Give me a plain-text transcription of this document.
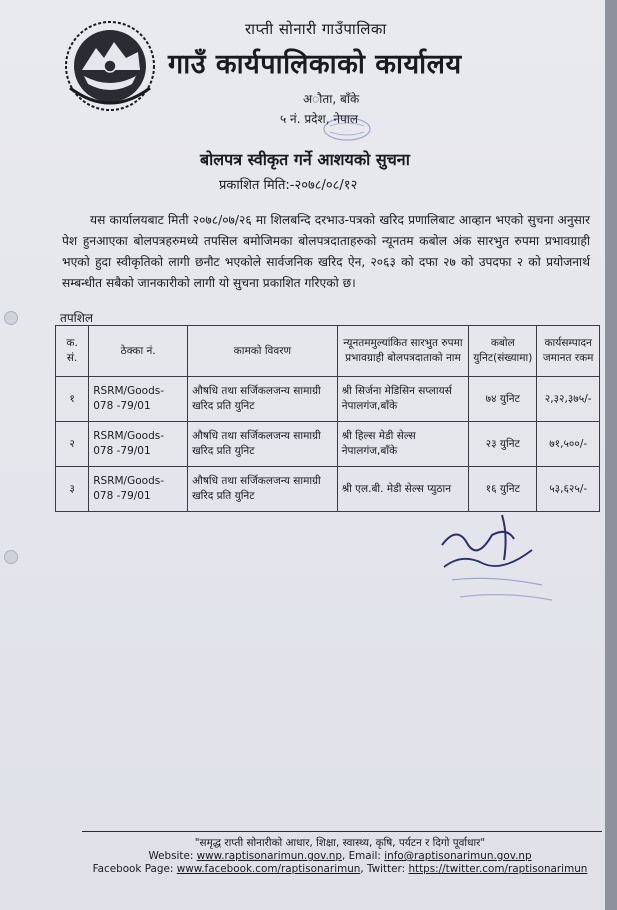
राप्ती सोनारी गाउँपालिका
गाउँ कार्यपालिकाको कार्यालय
अौता, बाँके
५ नं. प्रदेश, नेपाल
बोलपत्र स्वीकृत गर्ने आशयको सुचना
प्रकाशित मिति:-२०७८/०८/१२
यस कार्यालयबाट मिती २०७८/०७/२६ मा शिलबन्दि दरभाउ-पत्रको खरिद प्रणालिबाट आव्हान भएको सुचना अनुसार पेश हुनआएका बोलपत्रहरुमध्ये तपसिल बमोजिमका बोलपत्रदाताहरुको न्यूनतम कबोल अंक सारभुत रुपमा प्रभावग्राही भएको हुदा स्वीकृतिको लागी छनौट भएकोले सार्वजनिक खरिद ऐन, २०६३ को दफा २७ को उपदफा २ को प्रयोजनार्थ सम्बन्धीत सबैको जानकारीको लागी यो सुचना प्रकाशित गरिएको छ।
तपशिल
क. सं.	ठेक्का नं.	कामको विवरण	न्यूनतममुल्यांकित सारभुत रुपमा प्रभावग्राही बोलपत्रदाताको नाम	कबोल युनिट(संख्यामा)	कार्यसम्पादन जमानत रकम
१	RSRM/Goods-078 -79/01	औषधि तथा सर्जिकलजन्य सामाग्री खरिद प्रति युनिट	श्री सिर्जना मेडिसिन सप्लायर्स नेपालगंज,बाँके	७४ युनिट	२,३२,३७५/-
२	RSRM/Goods-078 -79/01	औषधि तथा सर्जिकलजन्य सामाग्री खरिद प्रति युनिट	श्री हिल्स मेडी सेल्स नेपालगंज,बाँके	२३ युनिट	७१,५००/-
३	RSRM/Goods-078 -79/01	औषधि तथा सर्जिकलजन्य सामाग्री खरिद प्रति युनिट	श्री एल.बी. मेडी सेल्स प्युठान	१६ युनिट	५३,६२५/-
"समृद्ध राप्ती सोनारीको आधार, शिक्षा, स्वास्थ्य, कृषि, पर्यटन र दिगो पूर्वाधार"
Website: www.raptisonarimun.gov.np, Email: info@raptisonarimun.gov.np
Facebook Page: www.facebook.com/raptisonarimun, Twitter: https://twitter.com/raptisonarimun
